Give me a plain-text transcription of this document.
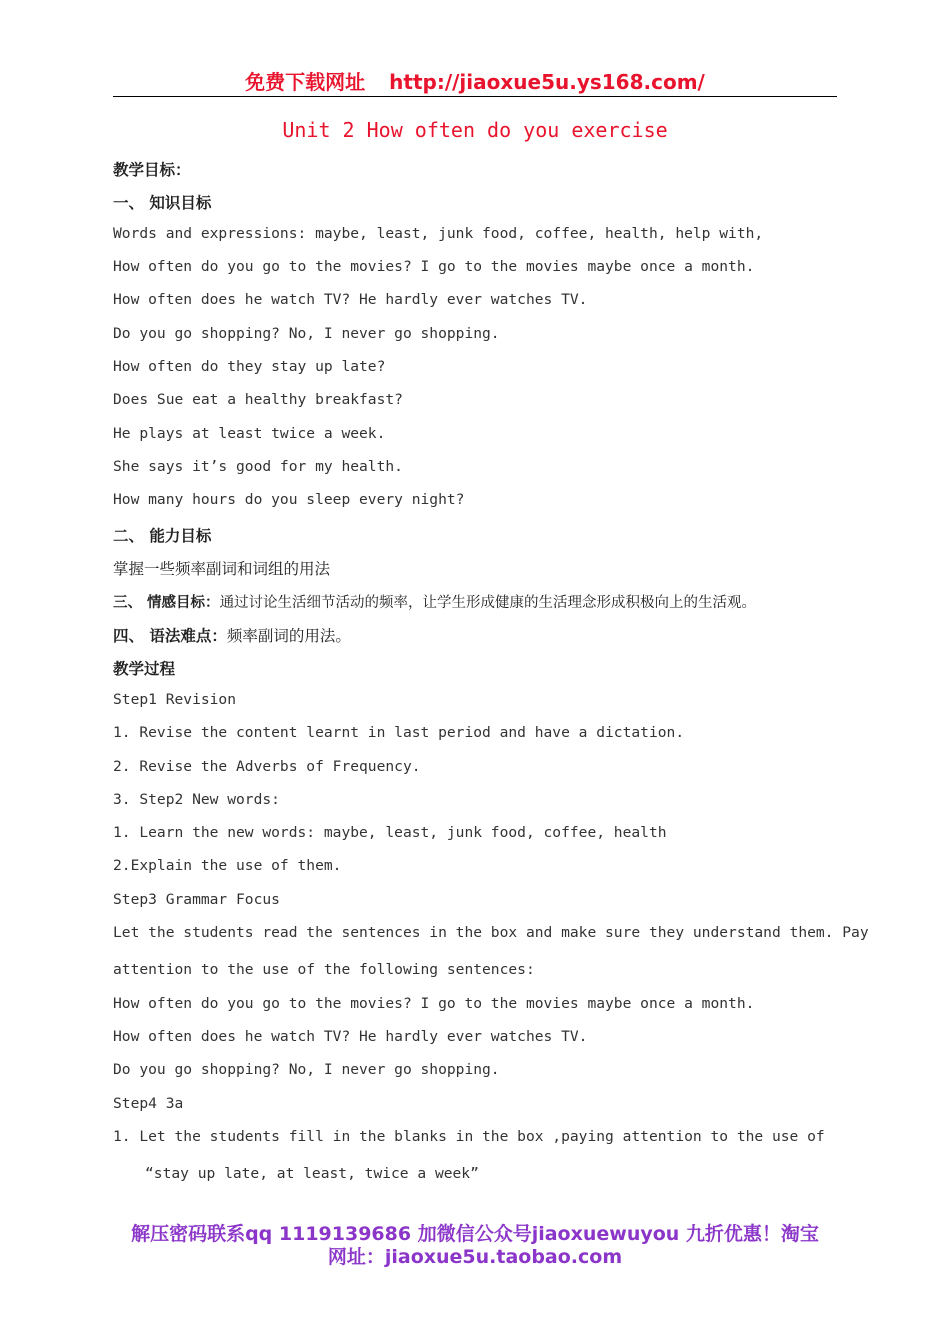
免费下载网址 http://jiaoxue5u.ys168.com/
Unit 2 How often do you exercise
教学目标：
一、 知识目标
Words and expressions: maybe, least, junk food, coffee, health, help with,
How often do you go to the movies? I go to the movies maybe once a month.
How often does he watch TV? He hardly ever watches TV.
Do you go shopping? No, I never go shopping.
How often do they stay up late?
Does Sue eat a healthy breakfast?
He plays at least twice a week.
She says it’s good for my health.
How many hours do you sleep every night?
二、 能力目标
掌握一些频率副词和词组的用法
三、 情感目标：通过讨论生活细节活动的频率，让学生形成健康的生活理念形成积极向上的生活观。
四、 语法难点：频率副词的用法。
教学过程
Step1 Revision
1. Revise the content learnt in last period and have a dictation.
2. Revise the Adverbs of Frequency.
3. Step2 New words:
1. Learn the new words: maybe, least, junk food, coffee, health
2.Explain the use of them.
Step3 Grammar Focus
Let the students read the sentences in the box and make sure they understand them. Pay
attention to the use of the following sentences:
How often do you go to the movies? I go to the movies maybe once a month.
How often does he watch TV? He hardly ever watches TV.
Do you go shopping? No, I never go shopping.
Step4 3a
1. Let the students fill in the blanks in the box ,paying attention to the use of
“stay up late, at least, twice a week”
解压密码联系qq 1119139686 加微信公众号jiaoxuewuyou 九折优惠！淘宝
网址：jiaoxue5u.taobao.com
